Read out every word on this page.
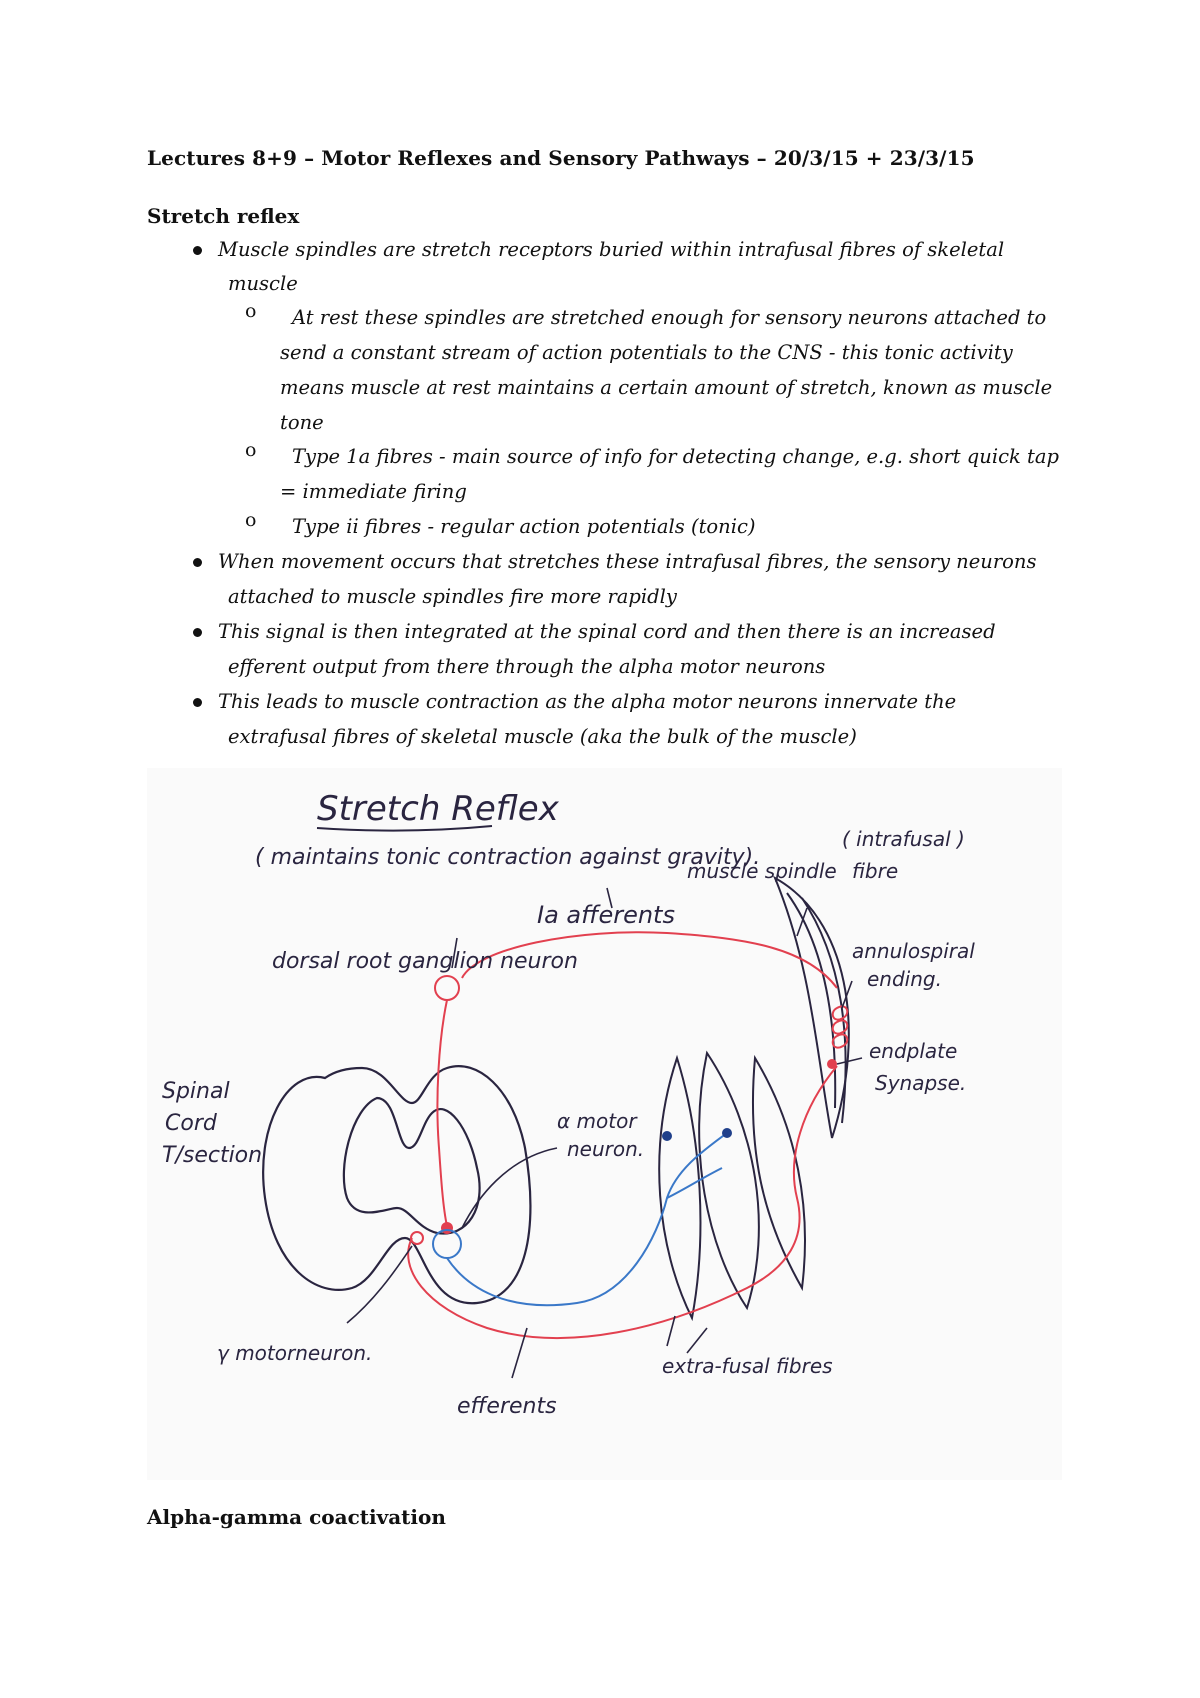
Lectures 8+9 – Motor Reflexes and Sensory Pathways – 20/3/15 + 23/3/15
Stretch reflex
Muscle spindles are stretch receptors buried within intrafusal fibres of skeletal
muscle
o At rest these spindles are stretched enough for sensory neurons attached to
send a constant stream of action potentials to the CNS - this tonic activity
means muscle at rest maintains a certain amount of stretch, known as muscle
tone
o Type 1a fibres - main source of info for detecting change, e.g. short quick tap
= immediate firing
o Type ii fibres - regular action potentials (tonic)
When movement occurs that stretches these intrafusal fibres, the sensory neurons
attached to muscle spindles fire more rapidly
This signal is then integrated at the spinal cord and then there is an increased
efferent output from there through the alpha motor neurons
This leads to muscle contraction as the alpha motor neurons innervate the
extrafusal fibres of skeletal muscle (aka the bulk of the muscle)
Stretch Reflex
( maintains tonic contraction against gravity).
muscle spindle
( intrafusal )
fibre
Ia afferents
dorsal root ganglion neuron	annulospiral
ending.
endplate
Synapse.
Spinal
Cord
T/section
α motor
neuron.
γ motorneuron.
extra-fusal fibres
efferents
Alpha-gamma coactivation
